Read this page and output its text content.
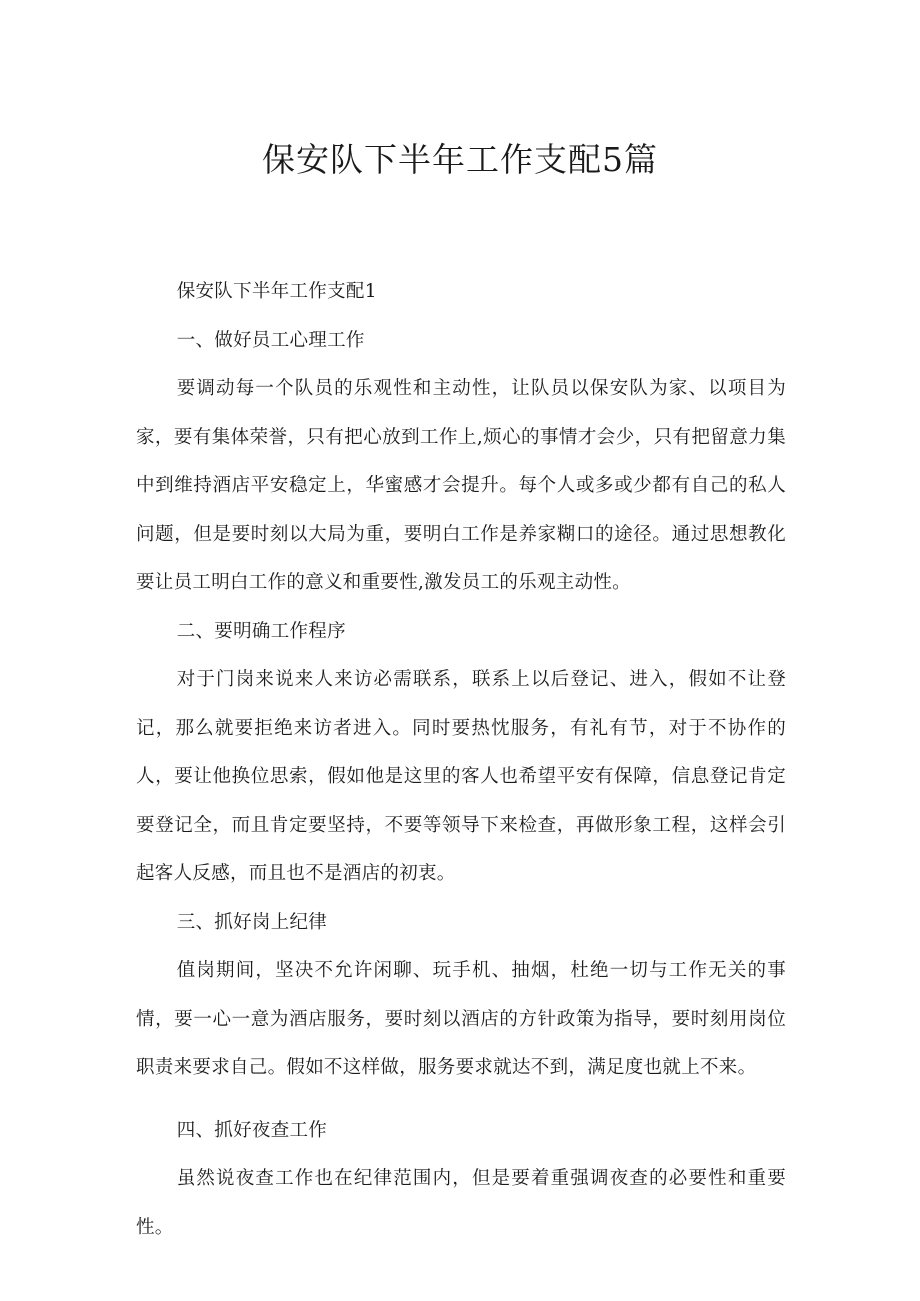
保安队下半年工作支配5篇

保安队下半年工作支配1

一、做好员工心理工作

要调动每一个队员的乐观性和主动性，让队员以保安队为家、以项目为家，要有集体荣誉，只有把心放到工作上,烦心的事情才会少，只有把留意力集中到维持酒店平安稳定上，华蜜感才会提升。每个人或多或少都有自己的私人问题，但是要时刻以大局为重，要明白工作是养家糊口的途径。通过思想教化要让员工明白工作的意义和重要性,激发员工的乐观主动性。

二、要明确工作程序

对于门岗来说来人来访必需联系，联系上以后登记、进入，假如不让登记，那么就要拒绝来访者进入。同时要热忱服务，有礼有节，对于不协作的人，要让他换位思索，假如他是这里的客人也希望平安有保障，信息登记肯定要登记全，而且肯定要坚持，不要等领导下来检查，再做形象工程，这样会引起客人反感，而且也不是酒店的初衷。

三、抓好岗上纪律

值岗期间，坚决不允许闲聊、玩手机、抽烟，杜绝一切与工作无关的事情，要一心一意为酒店服务，要时刻以酒店的方针政策为指导，要时刻用岗位职责来要求自己。假如不这样做，服务要求就达不到，满足度也就上不来。

四、抓好夜查工作

虽然说夜查工作也在纪律范围内，但是要着重强调夜查的必要性和重要性。
